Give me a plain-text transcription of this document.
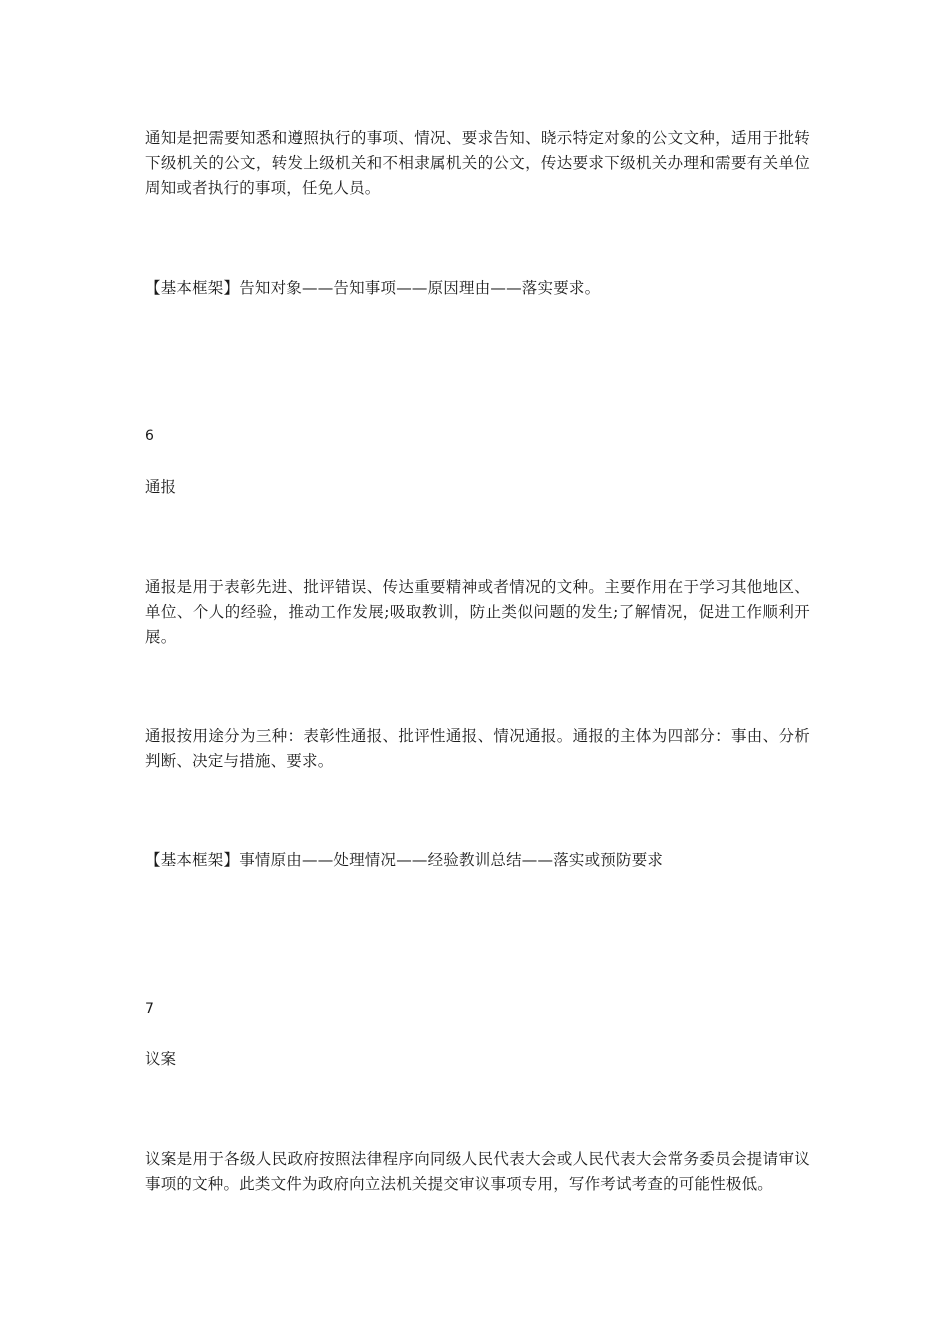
通知是把需要知悉和遵照执行的事项、情况、要求告知、晓示特定对象的公文文种，适用于批转下级机关的公文，转发上级机关和不相隶属机关的公文，传达要求下级机关办理和需要有关单位周知或者执行的事项，任免人员。

【基本框架】告知对象——告知事项——原因理由——落实要求。

6

通报

通报是用于表彰先进、批评错误、传达重要精神或者情况的文种。主要作用在于学习其他地区、单位、个人的经验，推动工作发展;吸取教训，防止类似问题的发生;了解情况，促进工作顺利开展。

通报按用途分为三种：表彰性通报、批评性通报、情况通报。通报的主体为四部分：事由、分析判断、决定与措施、要求。

【基本框架】事情原由——处理情况——经验教训总结——落实或预防要求

7

议案

议案是用于各级人民政府按照法律程序向同级人民代表大会或人民代表大会常务委员会提请审议事项的文种。此类文件为政府向立法机关提交审议事项专用，写作考试考查的可能性极低。
